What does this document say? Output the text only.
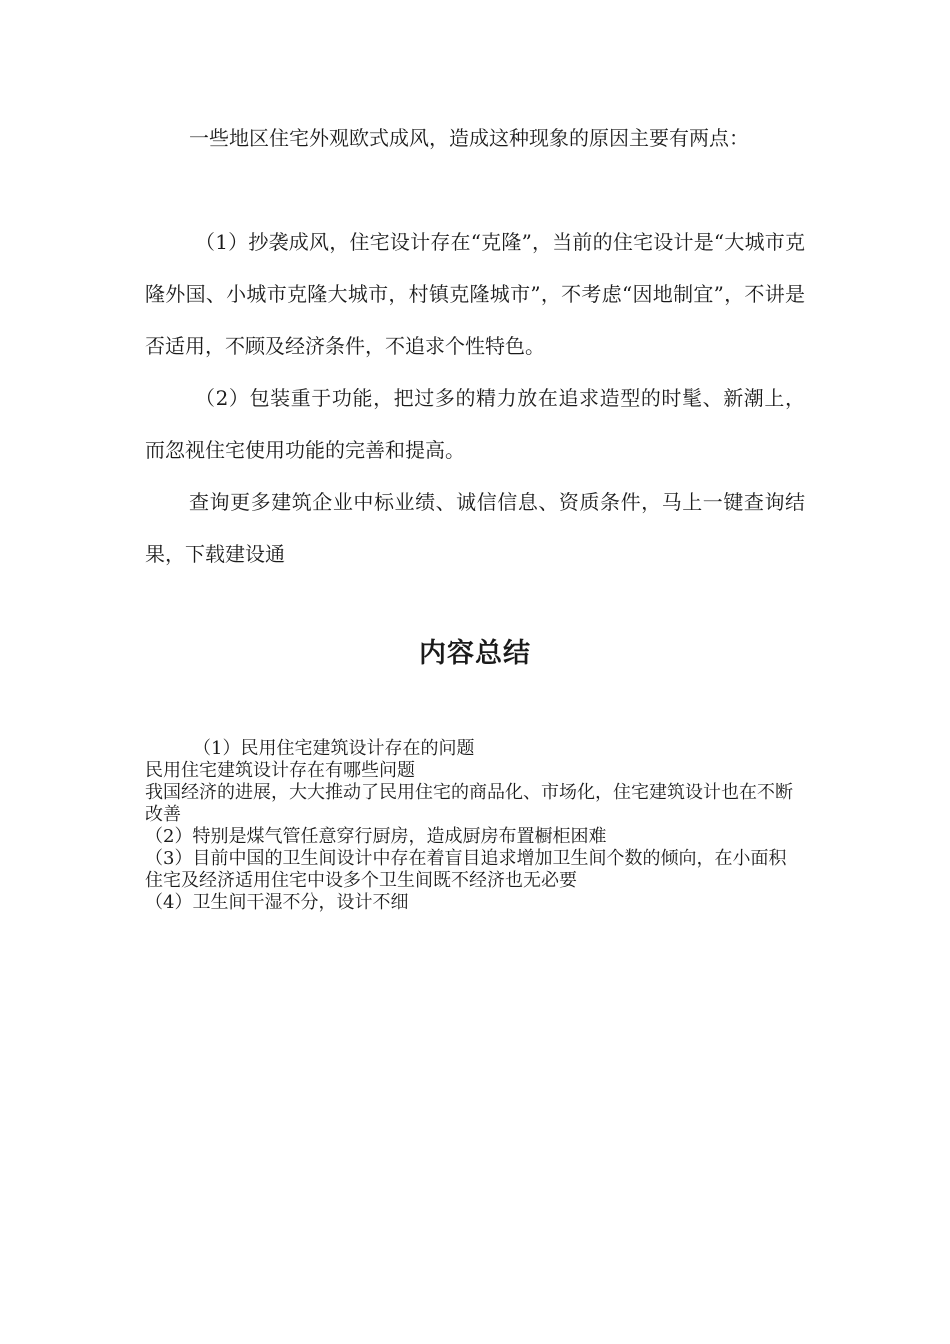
一些地区住宅外观欧式成风，造成这种现象的原因主要有两点：

（1）抄袭成风，住宅设计存在“克隆”，当前的住宅设计是“大城市克隆外国、小城市克隆大城市，村镇克隆城市”，不考虑“因地制宜”，不讲是否适用，不顾及经济条件，不追求个性特色。

（2）包装重于功能，把过多的精力放在追求造型的时髦、新潮上，而忽视住宅使用功能的完善和提高。

查询更多建筑企业中标业绩、诚信信息、资质条件，马上一键查询结果，下载建设通

内容总结

（1）民用住宅建筑设计存在的问题

民用住宅建筑设计存在有哪些问题

我国经济的进展，大大推动了民用住宅的商品化、市场化，住宅建筑设计也在不断改善

（2）特别是煤气管任意穿行厨房，造成厨房布置橱柜困难

（3）目前中国的卫生间设计中存在着盲目追求增加卫生间个数的倾向，在小面积住宅及经济适用住宅中设多个卫生间既不经济也无必要

（4）卫生间干湿不分，设计不细
